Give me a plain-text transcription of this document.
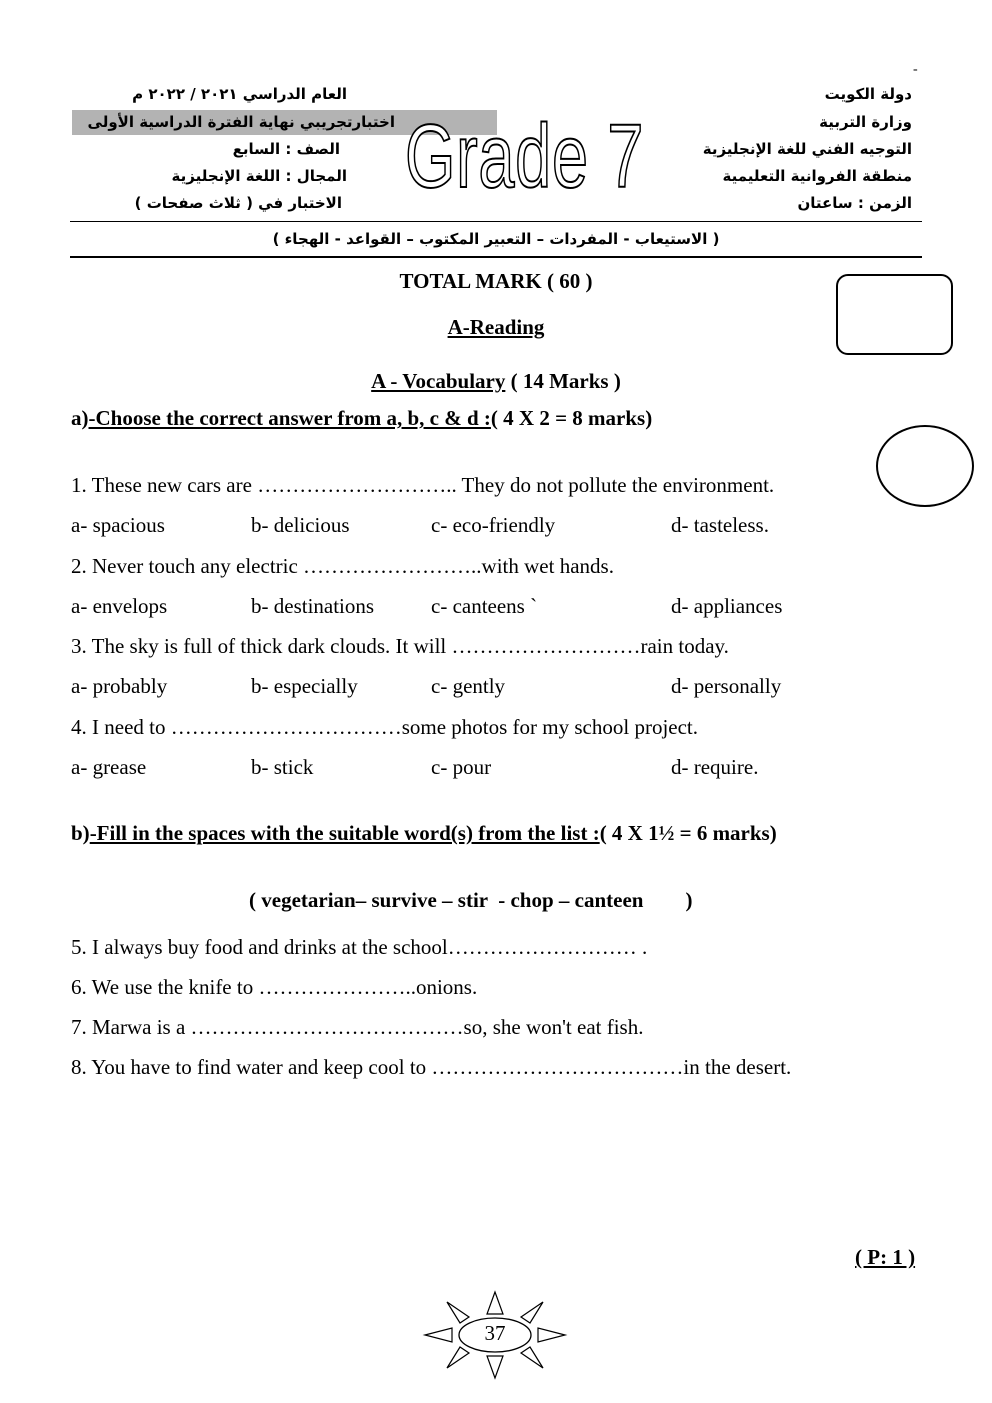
-
دولة الكويت
وزارة التربية
التوجيه الفني للغة الإنجليزية
منطقة الفروانية التعليمية
الزمن : ساعتان
العام الدراسي ٢٠٢١ / ٢٠٢٢ م
اختبارتجريبي نهاية الفترة الدراسية الأولى
الصف : السابع
المجال : اللغة الإنجليزية
الاختبار في ( ثلاث صفحات ) Grade 7
( الاستيعاب - المفردات – التعبير المكتوب – القواعد - الهجاء )
TOTAL MARK ( 60 )
A-Reading
A - Vocabulary ( 14 Marks )
a)-Choose the correct answer from a, b, c & d :( 4 X 2 = 8 marks)
1. These new cars are ……………………….. They do not pollute the environment.
a- spacious	b- delicious	c- eco-friendly	d- tasteless.
2. Never touch any electric ……………………..with wet hands.
a- envelops	b- destinations	c- canteens `	d- appliances
3. The sky is full of thick dark clouds. It will ………………………rain today.
a- probably	b- especially	c- gently	d- personally
4. I need to ……………………………some photos for my school project.
a- grease	b- stick	c- pour	d- require.
b)-Fill in the spaces with the suitable word(s) from the list :( 4 X 1½ = 6 marks)
( vegetarian– survive – stir  - chop – canteen        )
5. I always buy food and drinks at the school……………………… .
6. We use the knife to …………………..onions.
7. Marwa is a …………………………………so, she won't eat fish.
8. You have to find water and keep cool to ………………………………in the desert.
( P: 1 )
37
